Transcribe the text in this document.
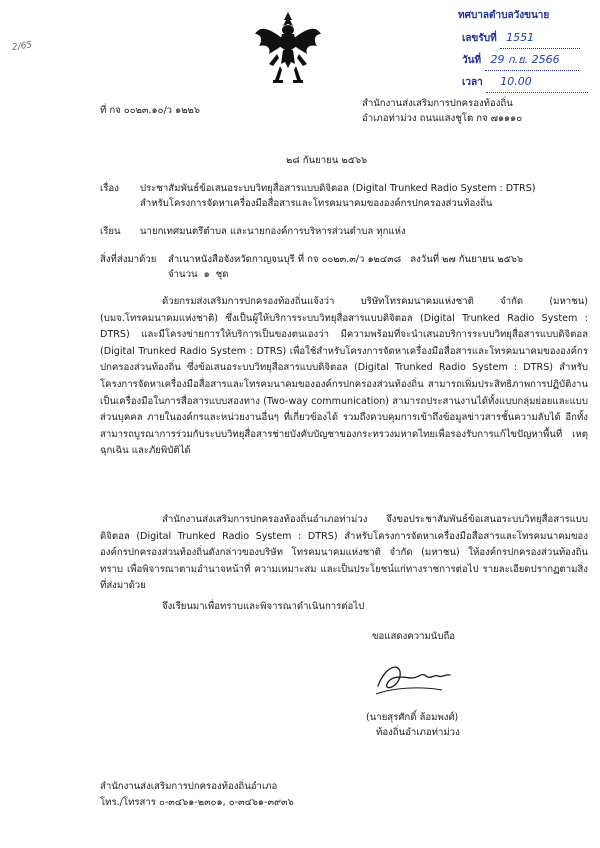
2/65
ทศบาลตำบลวังขนาย
เลขรับที่ 1551
วันที่ 29 ก.ย. 2566
เวลา 10.00
ที่ กจ ๐๐๒๓.๑๐/ว ๑๒๒๖
สำนักงานส่งเสริมการปกครองท้องถิ่น
อำเภอท่าม่วง ถนนแสงชูโต กจ ๗๑๑๑๐
๒๘ กันยายน ๒๕๖๖
เรื่อง ประชาสัมพันธ์ข้อเสนอระบบวิทยุสื่อสารแบบดิจิตอล (Digital Trunked Radio System : DTRS)
สำหรับโครงการจัดหาเครื่องมือสื่อสารและโทรคมนาคมขององค์กรปกครองส่วนท้องถิ่น
เรียน นายกเทศมนตรีตำบล และนายกองค์การบริหารส่วนตำบล ทุกแห่ง
สิ่งที่ส่งมาด้วย สำเนาหนังสือจังหวัดกาญจนบุรี ที่ กจ ๐๐๒๓.๓/ว ๑๒๔๓๘   ลงวันที่ ๒๗ กันยายน ๒๕๖๖
จำนวน  ๑  ชุด
ด้วยกรมส่งเสริมการปกครองท้องถิ่นแจ้งว่า บริษัทโทรคมนาคมแห่งชาติ จำกัด (มหาชน) (บมจ.โทรคมนาคมแห่งชาติ) ซึ่งเป็นผู้ให้บริการระบบวิทยุสื่อสารแบบดิจิตอล (Digital Trunked Radio System : DTRS) และมีโครงข่ายการให้บริการเป็นของตนเองว่า มีความพร้อมที่จะนำเสนอบริการระบบวิทยุสื่อสารแบบดิจิตอล (Digital Trunked Radio System : DTRS) เพื่อใช้สำหรับโครงการจัดหาเครื่องมือสื่อสารและโทรคมนาคมขององค์กรปกครองส่วนท้องถิ่น ซึ่งข้อเสนอระบบวิทยุสื่อสารแบบดิจิตอล (Digital Trunked Radio System : DTRS) สำหรับโครงการจัดหาเครื่องมือสื่อสารและโทรคมนาคมขององค์กรปกครองส่วนท้องถิ่น สามารถเพิ่มประสิทธิภาพการปฏิบัติงาน เป็นเครื่องมือในการสื่อสารแบบสองทาง (Two-way communication) สามารถประสานงานได้ทั้งแบบกลุ่มย่อยและแบบส่วนบุคคล ภายในองค์กรและหน่วยงานอื่นๆ ที่เกี่ยวข้องได้ รวมถึงควบคุมการเข้าถึงข้อมูลข่าวสารชั้นความลับได้ อีกทั้งสามารถบูรณาการร่วมกับระบบวิทยุสื่อสารช่ายบังคับบัญชาของกระทรวงมหาดไทยเพื่อรองรับการแก้ไขปัญหาพื้นที่ เหตุฉุกเฉิน และภัยพิบัติได้
สำนักงานส่งเสริมการปกครองท้องถิ่นอำเภอท่าม่วง จึงขอประชาสัมพันธ์ข้อเสนอระบบวิทยุสื่อสารแบบดิจิตอล (Digital Trunked Radio System : DTRS) สำหรับโครงการจัดหาเครื่องมือสื่อสารและโทรคมนาคมขององค์กรปกครองส่วนท้องถิ่นดังกล่าวของบริษัท โทรคมนาคมแห่งชาติ จำกัด (มหาชน) ให้องค์กรปกครองส่วนท้องถิ่นทราบ เพื่อพิจารณาตามอำนาจหน้าที่ ความเหมาะสม และเป็นประโยชน์แก่ทางราชการต่อไป รายละเอียดปรากฏตามสิ่งที่ส่งมาด้วย
จึงเรียนมาเพื่อทราบและพิจารณาดำเนินการต่อไป
ขอแสดงความนับถือ
(นายสุรศักดิ์ ล้อมพงศ์)
ท้องถิ่นอำเภอท่าม่วง
สำนักงานส่งเสริมการปกครองท้องถิ่นอำเภอ
โทร./โทรสาร ๐-๓๔๖๑-๒๓๐๑, ๐-๓๔๖๑-๓๙๓๖
